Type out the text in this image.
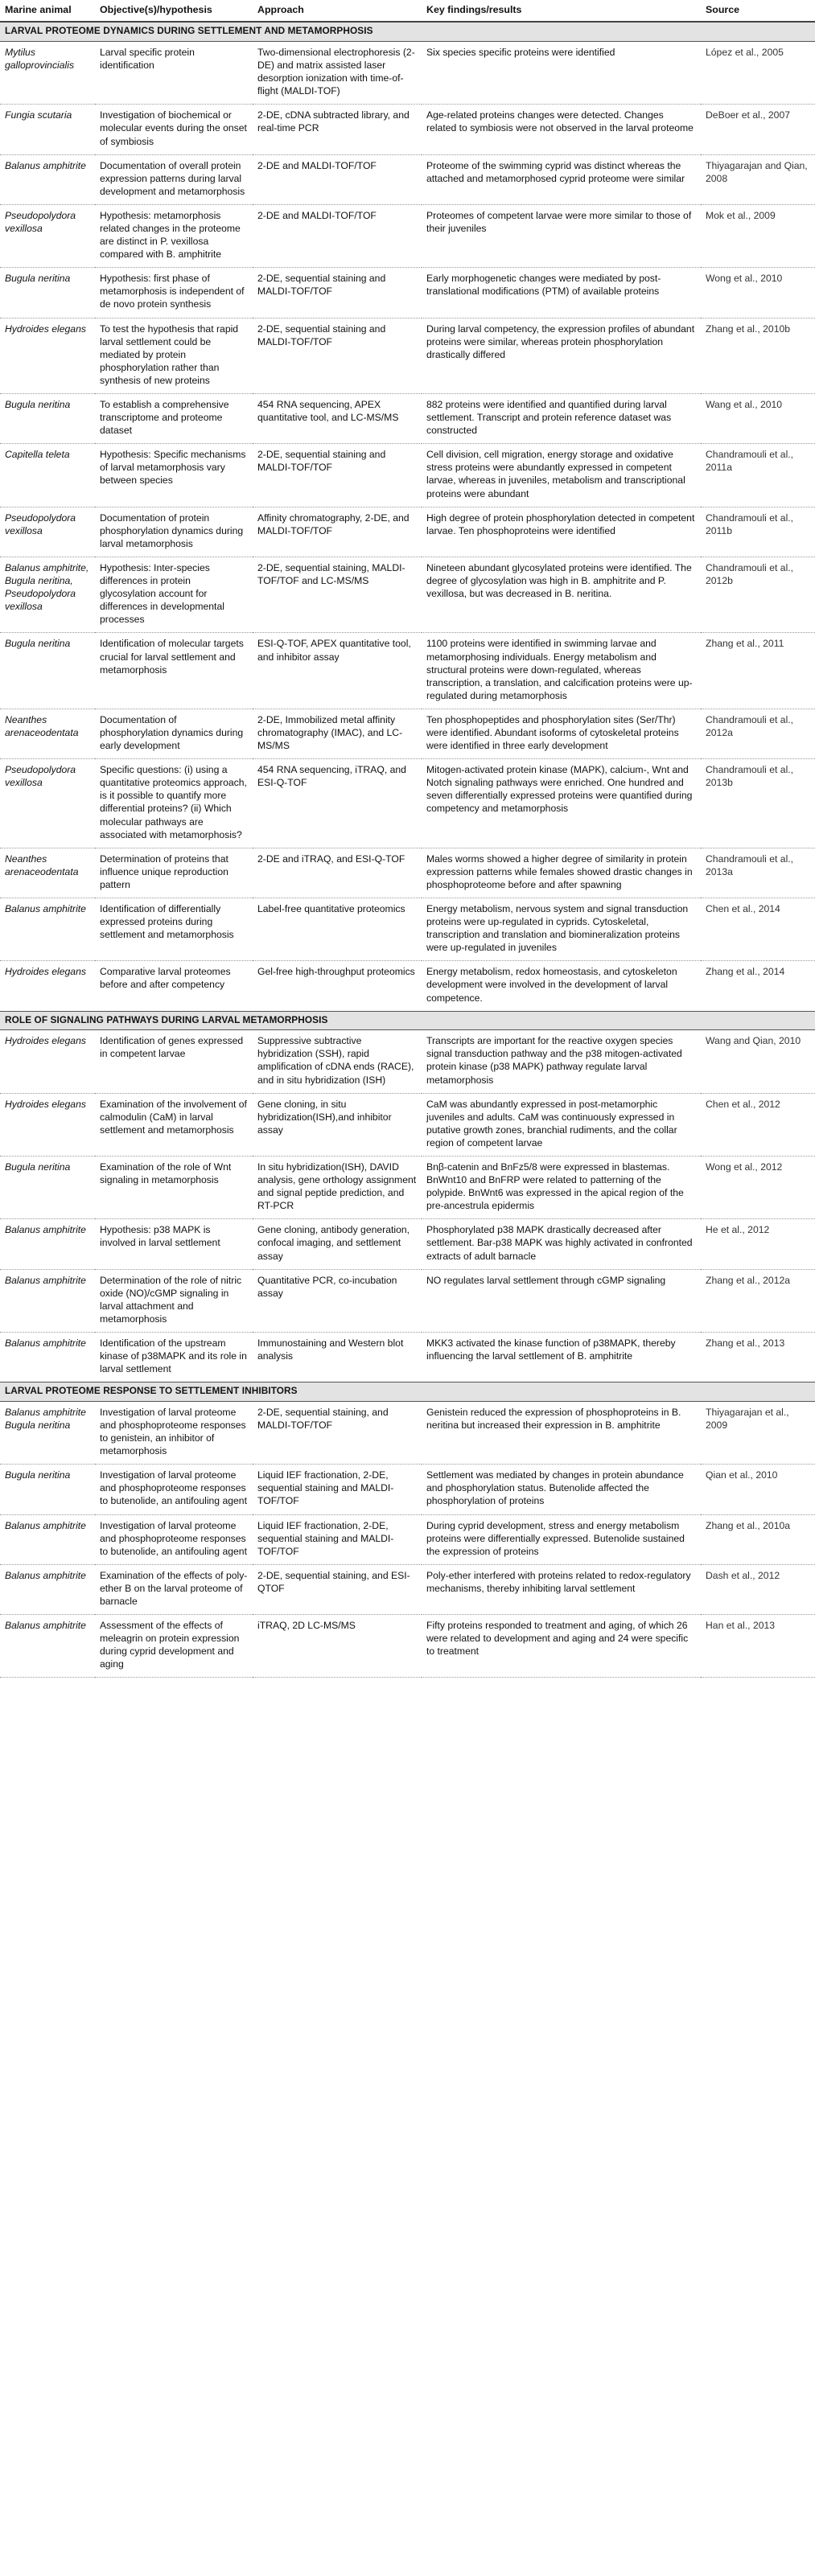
Marine animal	Objective(s)/hypothesis	Approach	Key findings/results	Source
LARVAL PROTEOME DYNAMICS DURING SETTLEMENT AND METAMORPHOSIS				
Mytilus galloprovincialis	Larval specific protein identification	Two-dimensional electrophoresis (2-DE) and matrix assisted laser desorption ionization with time-of-flight (MALDI-TOF)	Six species specific proteins were identified	López et al., 2005
Fungia scutaria	Investigation of biochemical or molecular events during the onset of symbiosis	2-DE, cDNA subtracted library, and real-time PCR	Age-related proteins changes were detected. Changes related to symbiosis were not observed in the larval proteome	DeBoer et al., 2007
Balanus amphitrite	Documentation of overall protein expression patterns during larval development and metamorphosis	2-DE and MALDI-TOF/TOF	Proteome of the swimming cyprid was distinct whereas the attached and metamorphosed cyprid proteome were similar	Thiyagarajan and Qian, 2008
Pseudopolydora vexillosa	Hypothesis: metamorphosis related changes in the proteome are distinct in P. vexillosa compared with B. amphitrite	2-DE and MALDI-TOF/TOF	Proteomes of competent larvae were more similar to those of their juveniles	Mok et al., 2009
Bugula neritina	Hypothesis: first phase of metamorphosis is independent of de novo protein synthesis	2-DE, sequential staining and MALDI-TOF/TOF	Early morphogenetic changes were mediated by post-translational modifications (PTM) of available proteins	Wong et al., 2010
Hydroides elegans	To test the hypothesis that rapid larval settlement could be mediated by protein phosphorylation rather than synthesis of new proteins	2-DE, sequential staining and MALDI-TOF/TOF	During larval competency, the expression profiles of abundant proteins were similar, whereas protein phosphorylation drastically differed	Zhang et al., 2010b
Bugula neritina	To establish a comprehensive transcriptome and proteome dataset	454 RNA sequencing, APEX quantitative tool, and LC-MS/MS	882 proteins were identified and quantified during larval settlement. Transcript and protein reference dataset was constructed	Wang et al., 2010
Capitella teleta	Hypothesis: Specific mechanisms of larval metamorphosis vary between species	2-DE, sequential staining and MALDI-TOF/TOF	Cell division, cell migration, energy storage and oxidative stress proteins were abundantly expressed in competent larvae, whereas in juveniles, metabolism and transcriptional proteins were abundant	Chandramouli et al., 2011a
Pseudopolydora vexillosa	Documentation of protein phosphorylation dynamics during larval metamorphosis	Affinity chromatography, 2-DE, and MALDI-TOF/TOF	High degree of protein phosphorylation detected in competent larvae. Ten phosphoproteins were identified	Chandramouli et al., 2011b
Balanus amphitrite, Bugula neritina, Pseudopolydora vexillosa	Hypothesis: Inter-species differences in protein glycosylation account for differences in developmental processes	2-DE, sequential staining, MALDI-TOF/TOF and LC-MS/MS	Nineteen abundant glycosylated proteins were identified. The degree of glycosylation was high in B. amphitrite and P. vexillosa, but was decreased in B. neritina.	Chandramouli et al., 2012b
Bugula neritina	Identification of molecular targets crucial for larval settlement and metamorphosis	ESI-Q-TOF, APEX quantitative tool, and inhibitor assay	1100 proteins were identified in swimming larvae and metamorphosing individuals. Energy metabolism and structural proteins were down-regulated, whereas transcription, a translation, and calcification proteins were up-regulated during metamorphosis	Zhang et al., 2011
Neanthes arenaceodentata	Documentation of phosphorylation dynamics during early development	2-DE, Immobilized metal affinity chromatography (IMAC), and LC-MS/MS	Ten phosphopeptides and phosphorylation sites (Ser/Thr) were identified. Abundant isoforms of cytoskeletal proteins were identified in three early development	Chandramouli et al., 2012a
Pseudopolydora vexillosa	Specific questions: (i) using a quantitative proteomics approach, is it possible to quantify more differential proteins? (ii) Which molecular pathways are associated with metamorphosis?	454 RNA sequencing, iTRAQ, and ESI-Q-TOF	Mitogen-activated protein kinase (MAPK), calcium-, Wnt and Notch signaling pathways were enriched. One hundred and seven differentially expressed proteins were quantified during competency and metamorphosis	Chandramouli et al., 2013b
Neanthes arenaceodentata	Determination of proteins that influence unique reproduction pattern	2-DE and iTRAQ, and ESI-Q-TOF	Males worms showed a higher degree of similarity in protein expression patterns while females showed drastic changes in phosphoproteome before and after spawning	Chandramouli et al., 2013a
Balanus amphitrite	Identification of differentially expressed proteins during settlement and metamorphosis	Label-free quantitative proteomics	Energy metabolism, nervous system and signal transduction proteins were up-regulated in cyprids. Cytoskeletal, transcription and translation and biomineralization proteins were up-regulated in juveniles	Chen et al., 2014
Hydroides elegans	Comparative larval proteomes before and after competency	Gel-free high-throughput proteomics	Energy metabolism, redox homeostasis, and cytoskeleton development were involved in the development of larval competence.	Zhang et al., 2014
ROLE OF SIGNALING PATHWAYS DURING LARVAL METAMORPHOSIS				
Hydroides elegans	Identification of genes expressed in competent larvae	Suppressive subtractive hybridization (SSH), rapid amplification of cDNA ends (RACE), and in situ hybridization (ISH)	Transcripts are important for the reactive oxygen species signal transduction pathway and the p38 mitogen-activated protein kinase (p38 MAPK) pathway regulate larval metamorphosis	Wang and Qian, 2010
Hydroides elegans	Examination of the involvement of calmodulin (CaM) in larval settlement and metamorphosis	Gene cloning, in situ hybridization(ISH),and inhibitor assay	CaM was abundantly expressed in post-metamorphic juveniles and adults. CaM was continuously expressed in putative growth zones, branchial rudiments, and the collar region of competent larvae	Chen et al., 2012
Bugula neritina	Examination of the role of Wnt signaling in metamorphosis	In situ hybridization(ISH), DAVID analysis, gene orthology assignment and signal peptide prediction, and RT-PCR	Bnβ-catenin and BnFz5/8 were expressed in blastemas. BnWnt10 and BnFRP were related to patterning of the polypide. BnWnt6 was expressed in the apical region of the pre-ancestrula epidermis	Wong et al., 2012
Balanus amphitrite	Hypothesis: p38 MAPK is involved in larval settlement	Gene cloning, antibody generation, confocal imaging, and settlement assay	Phosphorylated p38 MAPK drastically decreased after settlement. Bar-p38 MAPK was highly activated in confronted extracts of adult barnacle	He et al., 2012
Balanus amphitrite	Determination of the role of nitric oxide (NO)/cGMP signaling in larval attachment and metamorphosis	Quantitative PCR, co-incubation assay	NO regulates larval settlement through cGMP signaling	Zhang et al., 2012a
Balanus amphitrite	Identification of the upstream kinase of p38MAPK and its role in larval settlement	Immunostaining and Western blot analysis	MKK3 activated the kinase function of p38MAPK, thereby influencing the larval settlement of B. amphitrite	Zhang et al., 2013
LARVAL PROTEOME RESPONSE TO SETTLEMENT INHIBITORS				
Balanus amphitrite Bugula neritina	Investigation of larval proteome and phosphoproteome responses to genistein, an inhibitor of metamorphosis	2-DE, sequential staining, and MALDI-TOF/TOF	Genistein reduced the expression of phosphoproteins in B. neritina but increased their expression in B. amphitrite	Thiyagarajan et al., 2009
Bugula neritina	Investigation of larval proteome and phosphoproteome responses to butenolide, an antifouling agent	Liquid IEF fractionation, 2-DE, sequential staining and MALDI-TOF/TOF	Settlement was mediated by changes in protein abundance and phosphorylation status. Butenolide affected the phosphorylation of proteins	Qian et al., 2010
Balanus amphitrite	Investigation of larval proteome and phosphoproteome responses to butenolide, an antifouling agent	Liquid IEF fractionation, 2-DE, sequential staining and MALDI-TOF/TOF	During cyprid development, stress and energy metabolism proteins were differentially expressed. Butenolide sustained the expression of proteins	Zhang et al., 2010a
Balanus amphitrite	Examination of the effects of poly-ether B on the larval proteome of barnacle	2-DE, sequential staining, and ESI-QTOF	Poly-ether interfered with proteins related to redox-regulatory mechanisms, thereby inhibiting larval settlement	Dash et al., 2012
Balanus amphitrite	Assessment of the effects of meleagrin on protein expression during cyprid development and aging	iTRAQ, 2D LC-MS/MS	Fifty proteins responded to treatment and aging, of which 26 were related to development and aging and 24 were specific to treatment	Han et al., 2013
